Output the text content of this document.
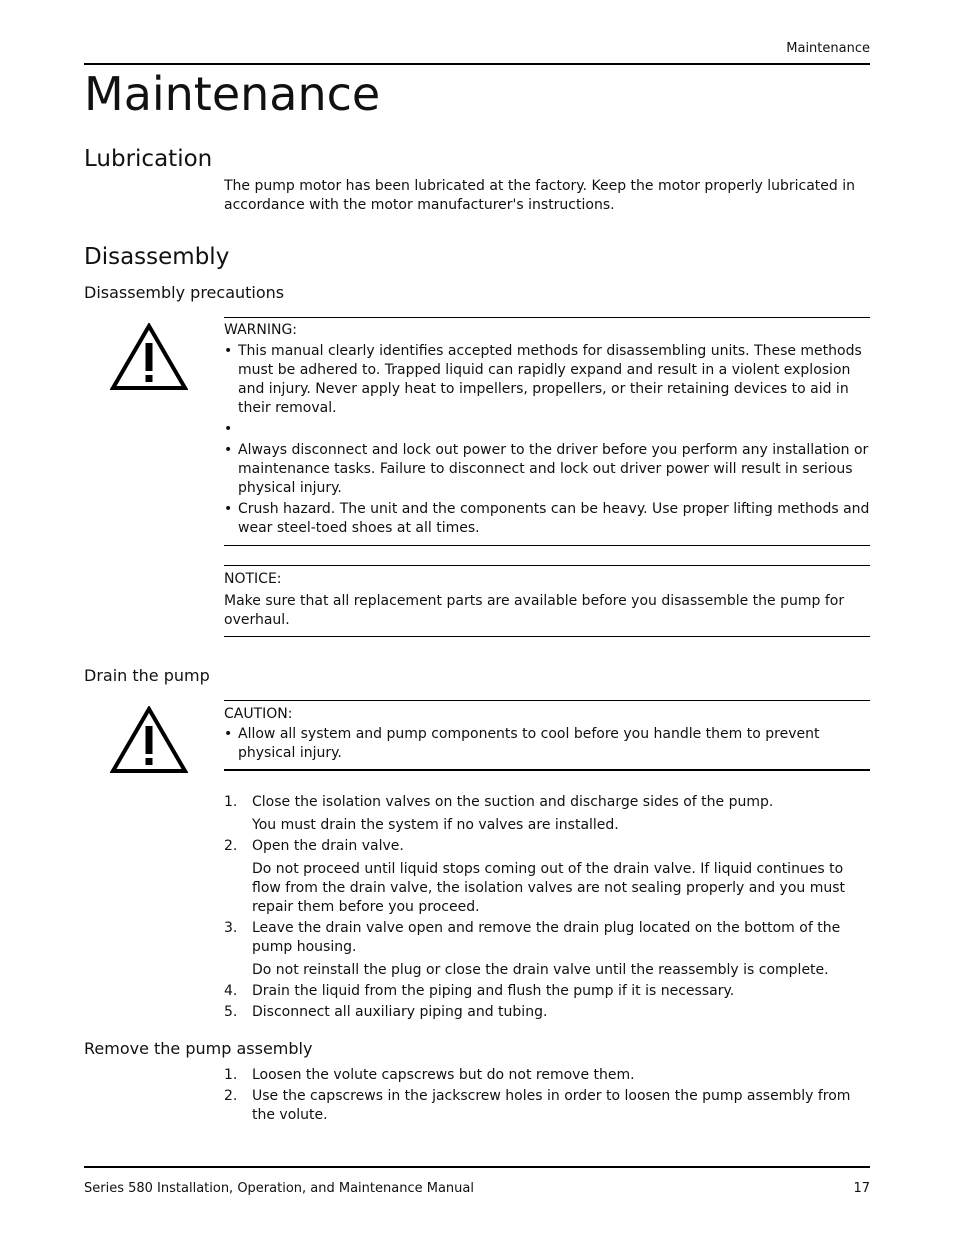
Maintenance
Maintenance
Lubrication
The pump motor has been lubricated at the factory. Keep the motor properly lubricated in accordance with the motor manufacturer's instructions.
Disassembly
Disassembly precautions
WARNING:
• This manual clearly identifies accepted methods for disassembling units. These methods must be adhered to. Trapped liquid can rapidly expand and result in a violent explosion and injury. Never apply heat to impellers, propellers, or their retaining devices to aid in their removal.
•
• Always disconnect and lock out power to the driver before you perform any installation or maintenance tasks. Failure to disconnect and lock out driver power will result in serious physical injury.
• Crush hazard. The unit and the components can be heavy. Use proper lifting methods and wear steel-toed shoes at all times.
NOTICE:
Make sure that all replacement parts are available before you disassemble the pump for overhaul.
Drain the pump
CAUTION:
• Allow all system and pump components to cool before you handle them to prevent physical injury.
1. Close the isolation valves on the suction and discharge sides of the pump.
You must drain the system if no valves are installed.
2. Open the drain valve.
Do not proceed until liquid stops coming out of the drain valve. If liquid continues to flow from the drain valve, the isolation valves are not sealing properly and you must repair them before you proceed.
3. Leave the drain valve open and remove the drain plug located on the bottom of the pump housing.
Do not reinstall the plug or close the drain valve until the reassembly is complete.
4. Drain the liquid from the piping and flush the pump if it is necessary.
5. Disconnect all auxiliary piping and tubing.
Remove the pump assembly
1. Loosen the volute capscrews but do not remove them.
2. Use the capscrews in the jackscrew holes in order to loosen the pump assembly from the volute.
Series 580 Installation, Operation, and Maintenance Manual	17
